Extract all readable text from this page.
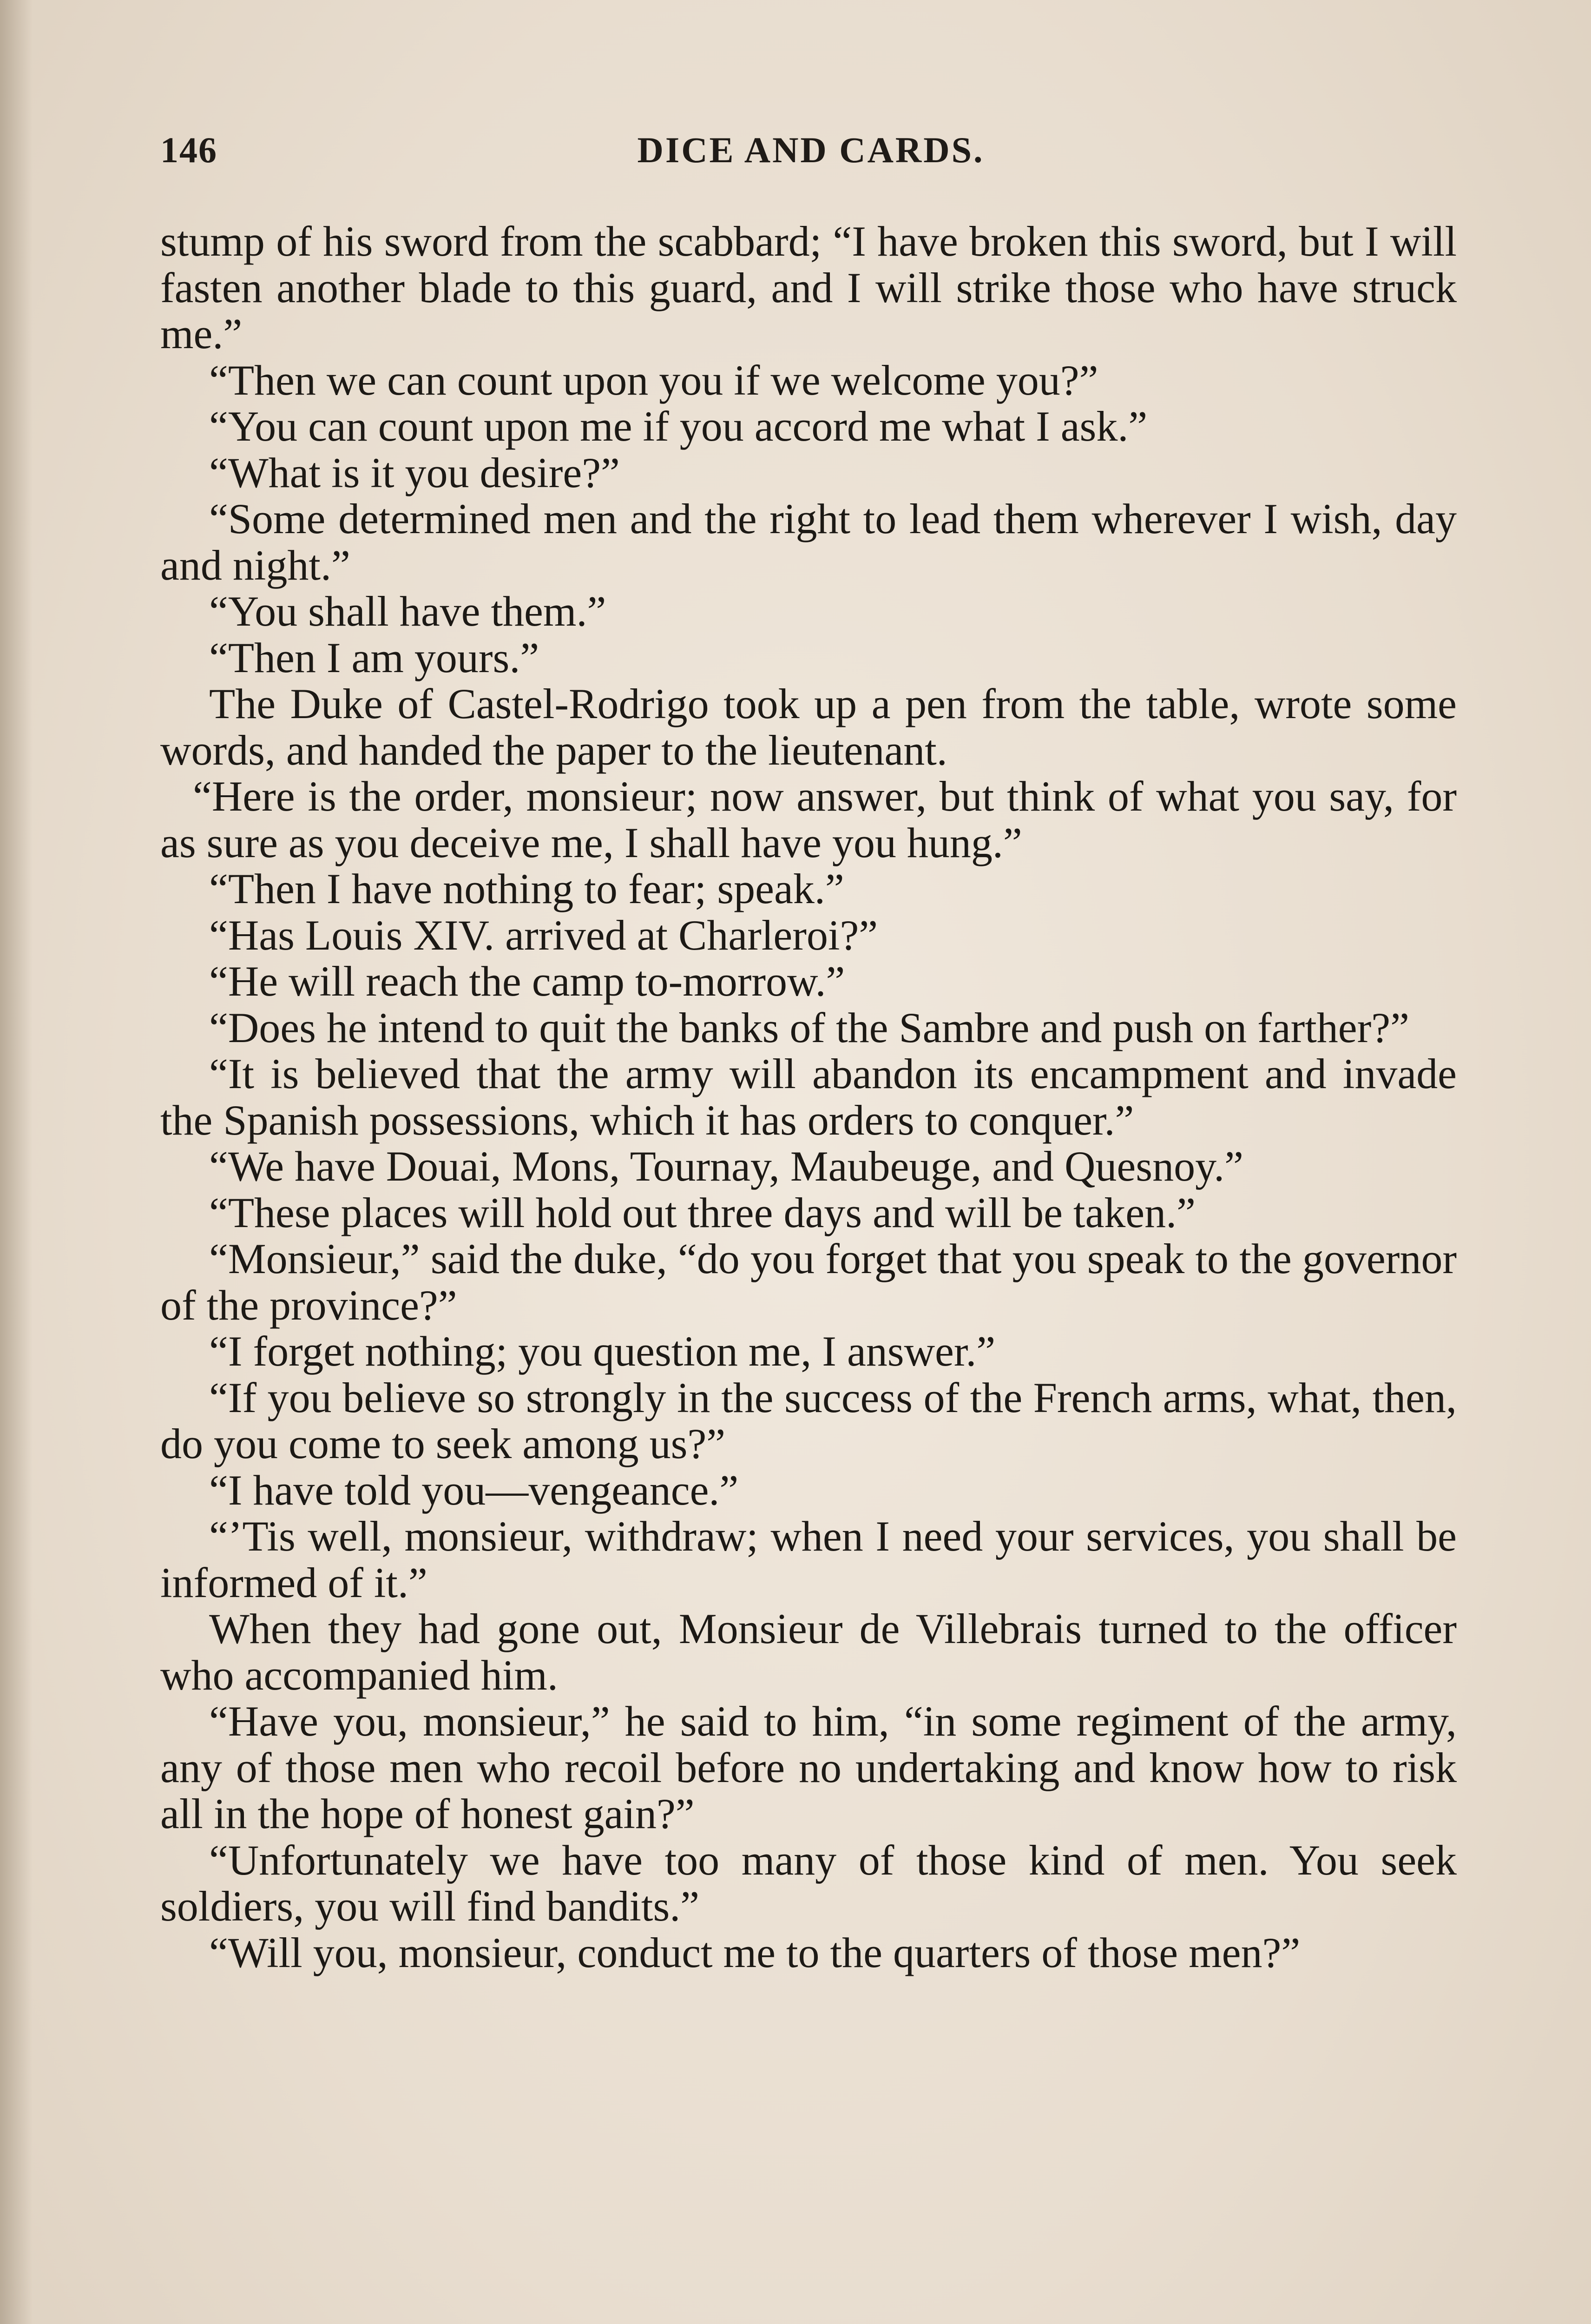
146	DICE AND CARDS.

stump of his sword from the scabbard; “I have broken this sword, but I will fasten another blade to this guard, and I will strike those who have struck me.”

“Then we can count upon you if we welcome you?”

“You can count upon me if you accord me what I ask.”

“What is it you desire?”

“Some determined men and the right to lead them wherever I wish, day and night.”

“You shall have them.”

“Then I am yours.”

The Duke of Castel-Rodrigo took up a pen from the table, wrote some words, and handed the paper to the lieutenant.

“Here is the order, monsieur; now answer, but think of what you say, for as sure as you deceive me, I shall have you hung.”

“Then I have nothing to fear; speak.”

“Has Louis XIV. arrived at Charleroi?”

“He will reach the camp to-morrow.”

“Does he intend to quit the banks of the Sambre and push on farther?”

“It is believed that the army will abandon its encampment and invade the Spanish possessions, which it has orders to conquer.”

“We have Douai, Mons, Tournay, Maubeuge, and Quesnoy.”

“These places will hold out three days and will be taken.”

“Monsieur,” said the duke, “do you forget that you speak to the governor of the province?”

“I forget nothing; you question me, I answer.”

“If you believe so strongly in the success of the French arms, what, then, do you come to seek among us?”

“I have told you—vengeance.”

“’Tis well, monsieur, withdraw; when I need your services, you shall be informed of it.”

When they had gone out, Monsieur de Villebrais turned to the officer who accompanied him.

“Have you, monsieur,” he said to him, “in some regiment of the army, any of those men who recoil before no undertaking and know how to risk all in the hope of honest gain?”

“Unfortunately we have too many of those kind of men. You seek soldiers, you will find bandits.”

“Will you, monsieur, conduct me to the quarters of those men?”
